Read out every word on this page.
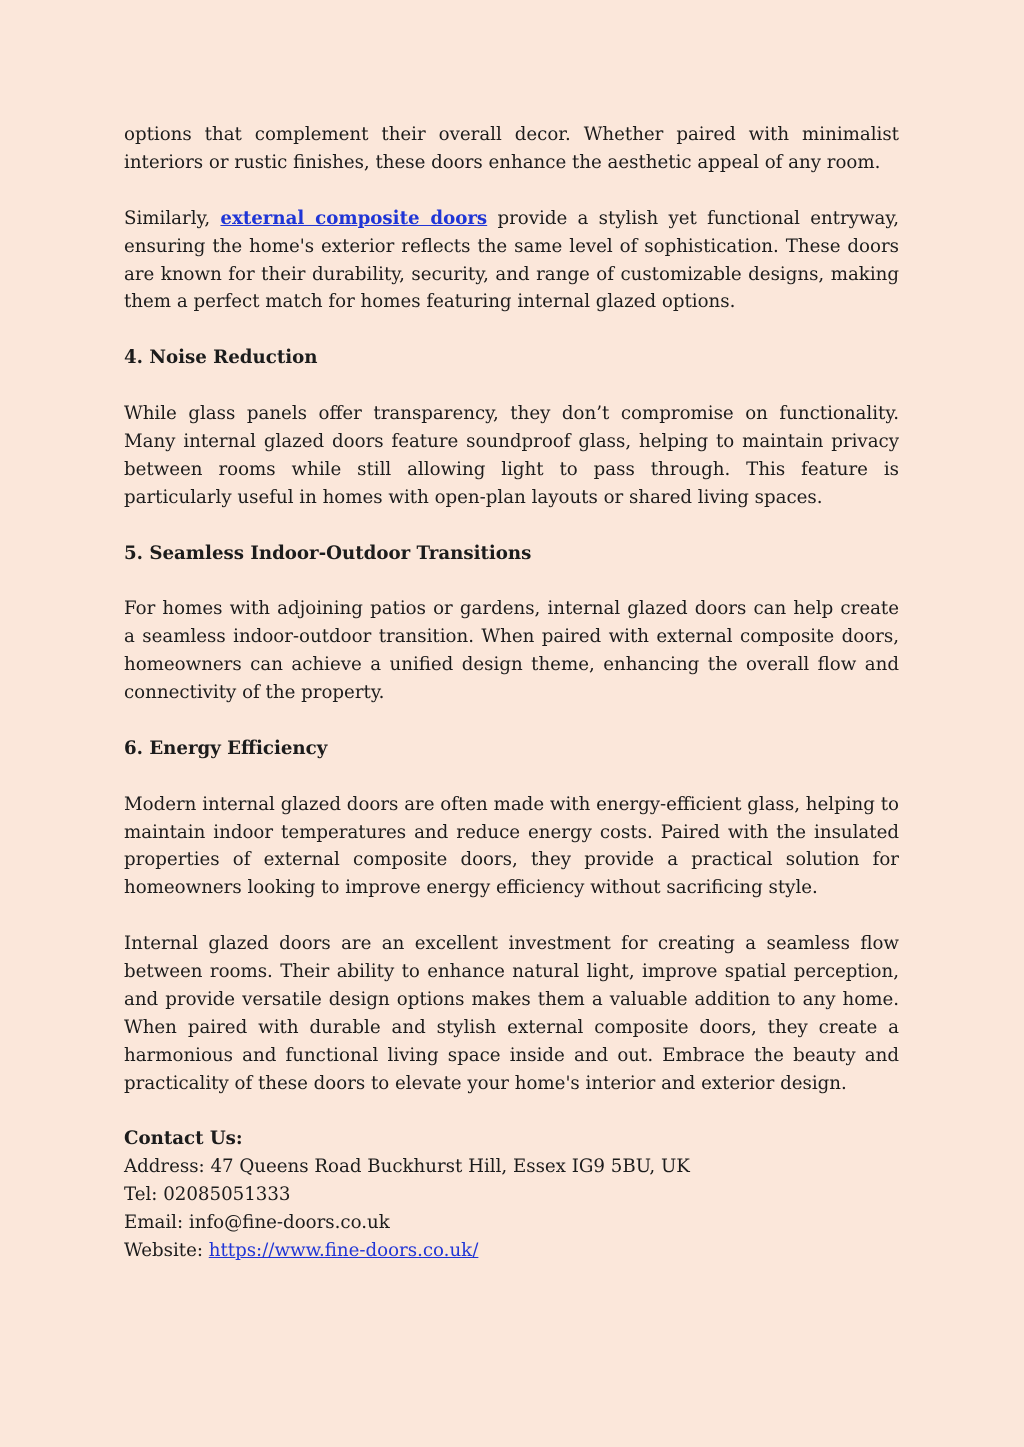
options that complement their overall decor. Whether paired with minimalist interiors or rustic finishes, these doors enhance the aesthetic appeal of any room.

Similarly, external composite doors provide a stylish yet functional entryway, ensuring the home's exterior reflects the same level of sophistication. These doors are known for their durability, security, and range of customizable designs, making them a perfect match for homes featuring internal glazed options.

4. Noise Reduction

While glass panels offer transparency, they don’t compromise on functionality. Many internal glazed doors feature soundproof glass, helping to maintain privacy between rooms while still allowing light to pass through. This feature is particularly useful in homes with open-plan layouts or shared living spaces.

5. Seamless Indoor-Outdoor Transitions

For homes with adjoining patios or gardens, internal glazed doors can help create a seamless indoor-outdoor transition. When paired with external composite doors, homeowners can achieve a unified design theme, enhancing the overall flow and connectivity of the property.

6. Energy Efficiency

Modern internal glazed doors are often made with energy-efficient glass, helping to maintain indoor temperatures and reduce energy costs. Paired with the insulated properties of external composite doors, they provide a practical solution for homeowners looking to improve energy efficiency without sacrificing style.

Internal glazed doors are an excellent investment for creating a seamless flow between rooms. Their ability to enhance natural light, improve spatial perception, and provide versatile design options makes them a valuable addition to any home. When paired with durable and stylish external composite doors, they create a harmonious and functional living space inside and out. Embrace the beauty and practicality of these doors to elevate your home's interior and exterior design.

Contact Us:
Address: 47 Queens Road Buckhurst Hill, Essex IG9 5BU, UK
Tel: 02085051333
Email: info@fine-doors.co.uk
Website: https://www.fine-doors.co.uk/
